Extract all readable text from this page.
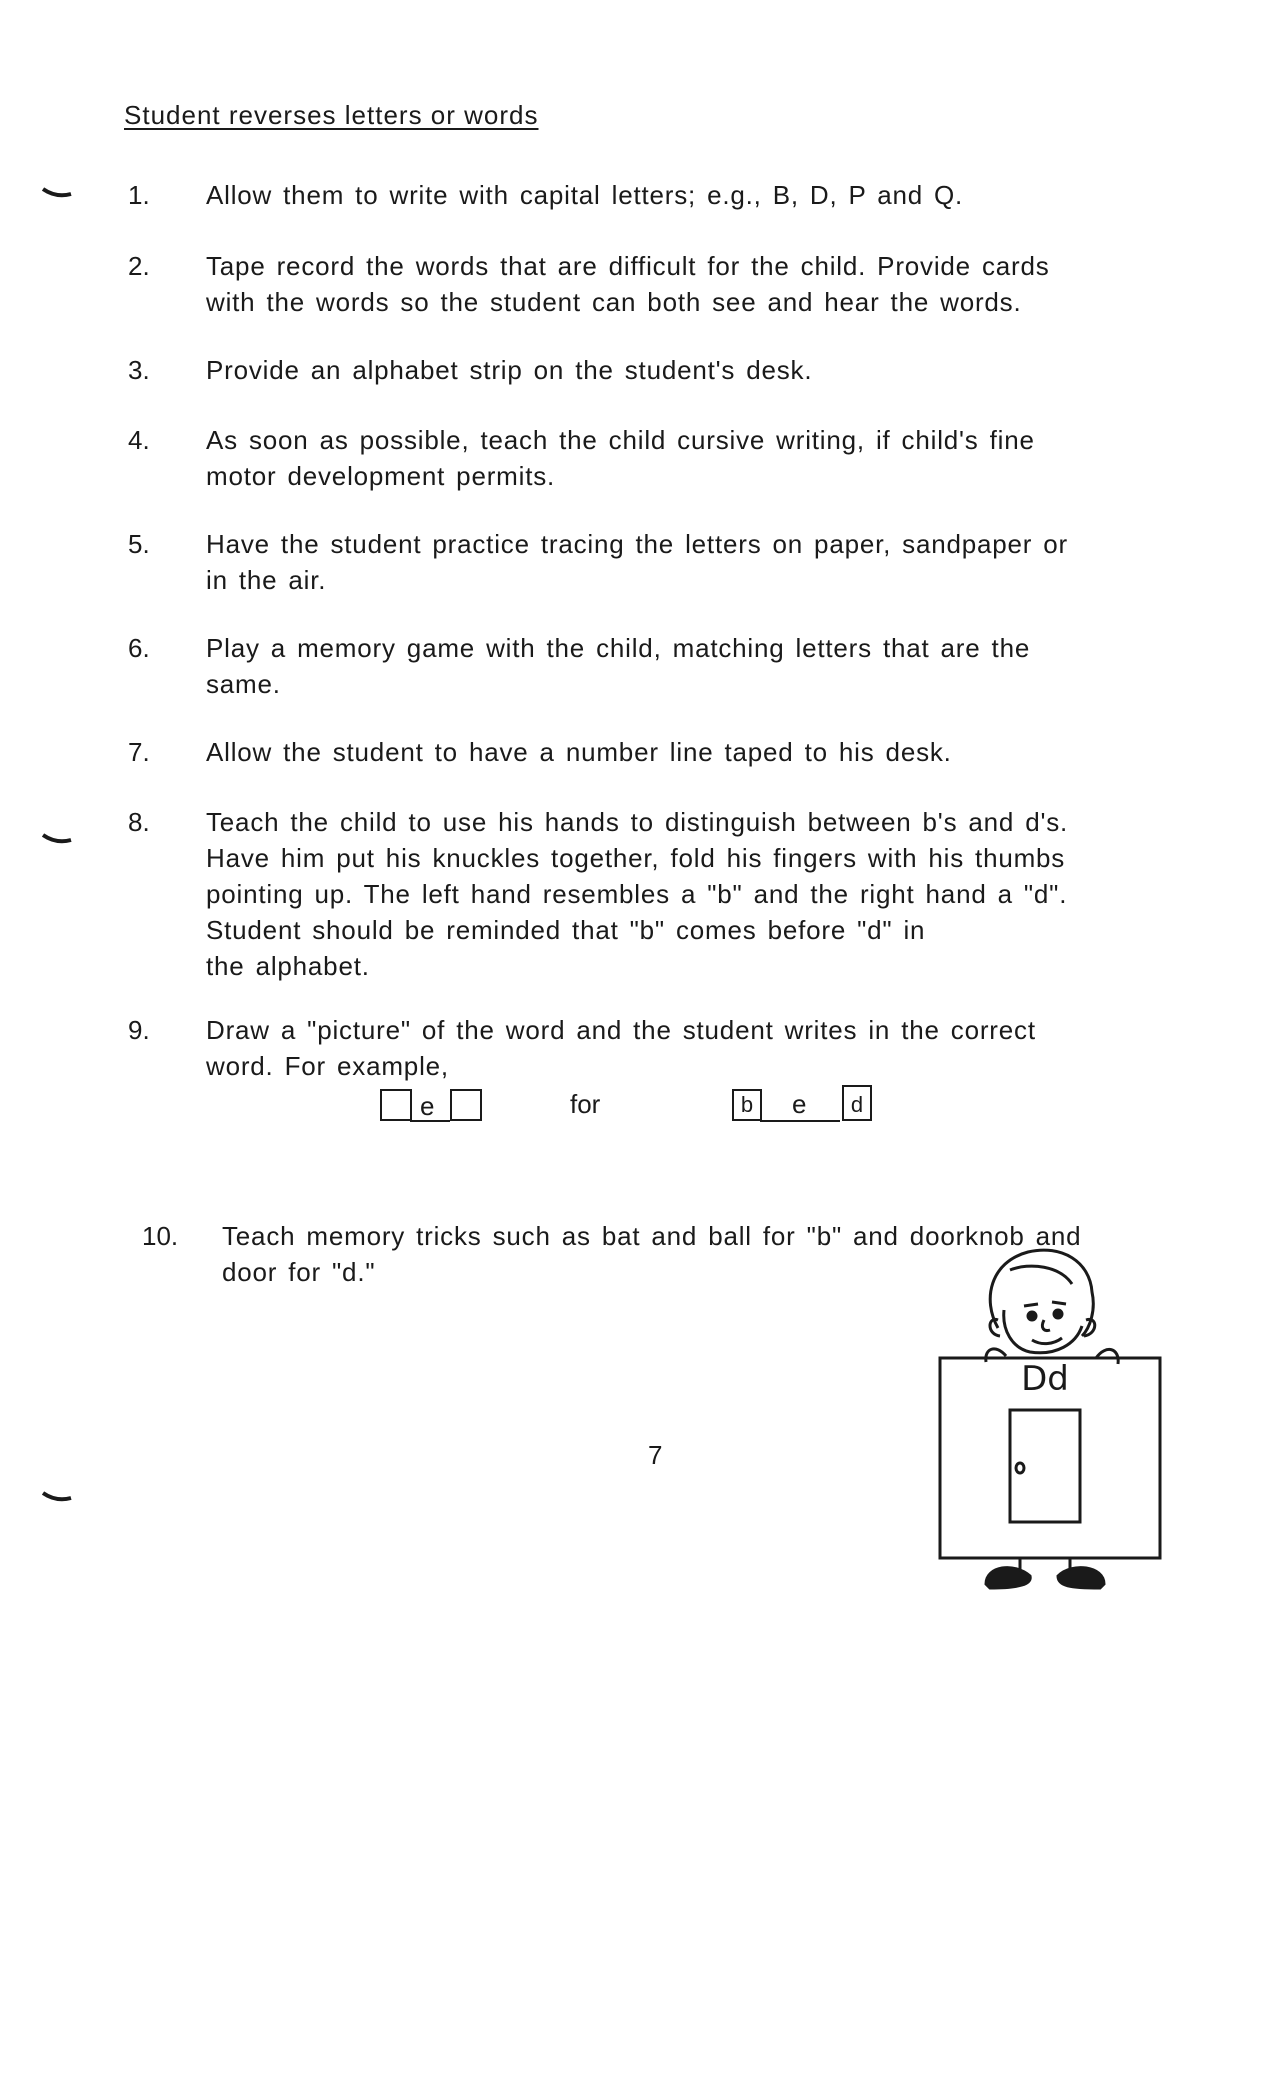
Student reverses letters or words
1.	Allow them to write with capital letters; e.g., B, D, P and Q.
2.	Tape record the words that are difficult for the child. Provide cards
with the words so the student can both see and hear the words.
3.	Provide an alphabet strip on the student's desk.
4.	As soon as possible, teach the child cursive writing, if child's fine
motor development permits.
5.	Have the student practice tracing the letters on paper, sandpaper or
in the air.
6.	Play a memory game with the child, matching letters that are the
same.
7.	Allow the student to have a number line taped to his desk.
8.	Teach the child to use his hands to distinguish between b's and d's.
Have him put his knuckles together, fold his fingers with his thumbs
pointing up. The left hand resembles a "b" and the right hand a "d".
Student should be reminded that "b" comes before "d" in
the alphabet.
9.	Draw a "picture" of the word and the student writes in the correct
word. For example,
e	for	b	e	d
10.	Teach memory tricks such as bat and ball for "b" and doorknob and
door for "d."
Dd
7
